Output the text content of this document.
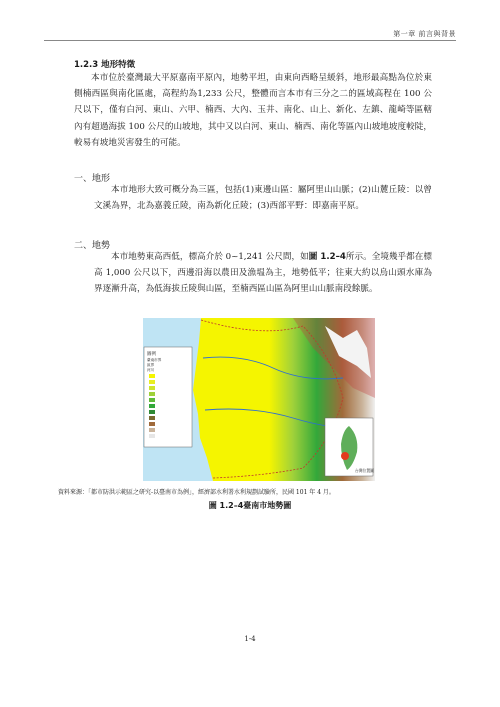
第一章 前言與背景
1.2.3 地形特徵
本市位於臺灣最大平原嘉南平原內，地勢平坦，由東向西略呈緩斜，地形最高點為位於東側楠西區與南化區處，高程約為1,233 公尺，整體而言本市有三分之二的區域高程在 100 公尺以下，僅有白河、東山、六甲、楠西、大內、玉井、南化、山上、新化、左鎮、龍崎等區轄內有超過海拔 100 公尺的山坡地，其中又以白河、東山、楠西、南化等區內山坡地坡度較陡，較易有坡地災害發生的可能。
一、地形
本市地形大致可概分為三區，包括(1)東邊山區：屬阿里山山脈；(2)山麓丘陵：以曾文溪為界，北為嘉義丘陵，南為新化丘陵；(3)西部平野：即嘉南平原。
二、地勢
本市地勢東高西低，標高介於 0~1,241 公尺間，如圖 1.2–4所示。全境幾乎都在標高 1,000 公尺以下，西邊沿海以農田及漁塭為主，地勢低平；往東大約以烏山頭水庫為界逐漸升高，為低海拔丘陵與山區，至楠西區山區為阿里山山脈南段餘脈。
圖例
臺南市界
區界
河川
台灣位置圖
資料來源：「都市防洪示範區之研究-以臺南市為例」，經濟部水利署水利規劃試驗所，民國 101 年 4 月。
圖 1.2–4臺南市地勢圖
1-4
